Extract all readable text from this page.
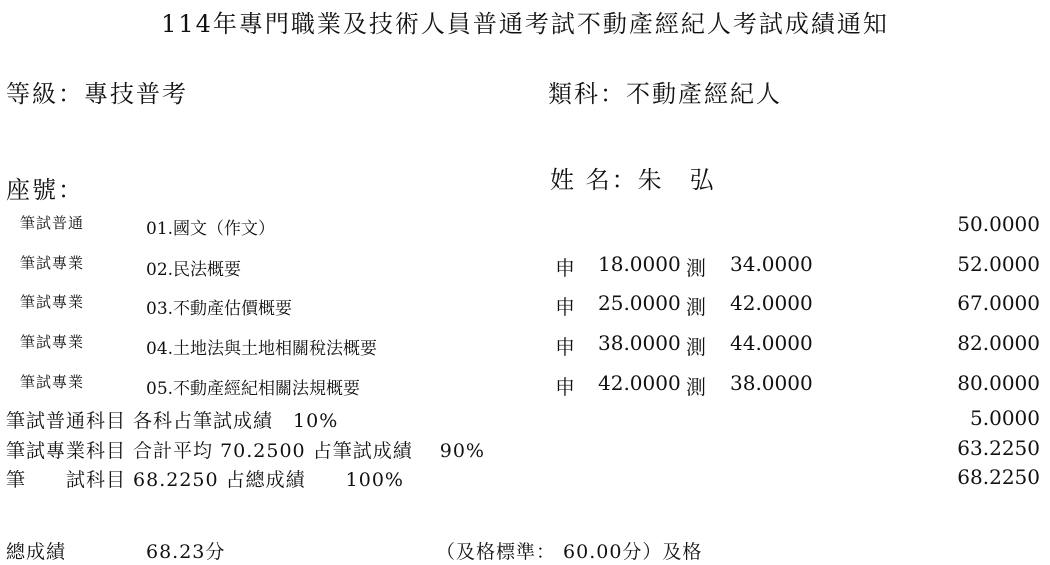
114年專門職業及技術人員普通考試不動產經紀人考試成績通知
等級：專技普考	類科：不動產經紀人
座號：	姓 名：朱　弘
筆試普通	01.國文（作文）	50.0000
筆試專業	02.民法概要	申 18.0000 測 34.0000	52.0000
筆試專業	03.不動產估價概要	申 25.0000 測 42.0000	67.0000
筆試專業	04.土地法與土地相關稅法概要	申 38.0000 測 44.0000	82.0000
筆試專業	05.不動產經紀相關法規概要	申 42.0000 測 38.0000	80.0000
筆試普通科目 各科占筆試成績　10%	5.0000
筆試專業科目 合計平均 70.2500 占筆試成績　 90%	63.2250
筆　　試科目 68.2250 占總成績　　100%	68.2250
總成績	68.23分	（及格標準： 60.00分）及格
